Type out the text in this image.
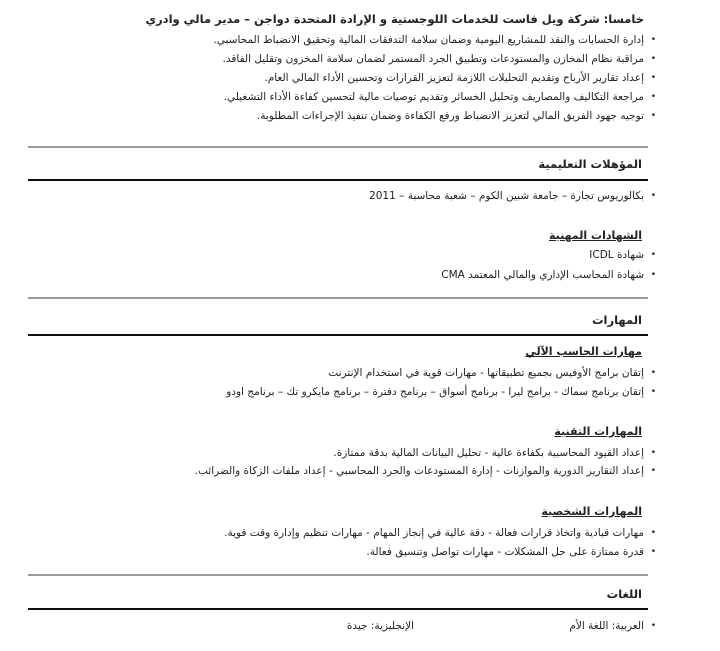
خامسا: شركة ويل فاست للخدمات اللوجستية و الإرادة المتحدة دواجن – مدير مالي وادري
•
إدارة الحسابات والنقد للمشاريع اليومية وضمان سلامة التدفقات المالية وتحقيق الانضباط المحاسبي.
•
مراقبة نظام المخازن والمستودعات وتطبيق الجرد المستمر لضمان سلامة المخزون وتقليل الفاقد.
•
إعداد تقارير الأرباح وتقديم التحليلات اللازمة لتعزيز القرارات وتحسين الأداء المالي العام.
•
مراجعة التكاليف والمصاريف وتحليل الخسائر وتقديم توصيات مالية لتحسين كفاءة الأداء التشغيلي.
•
توجيه جهود الفريق المالي لتعزيز الانضباط ورفع الكفاءة وضمان تنفيذ الإجراءات المطلوبة.
المؤهلات التعليمية
•
بكالوريوس تجارة – جامعة شبين الكوم – شعبة محاسبة – 2011
الشهادات المهنية
•
شهادة ICDL
•
شهادة المحاسب الإداري والمالي المعتمد CMA
المهارات
مهارات الحاسب الآلي
•
إتقان برامج الأوفيس بجميع تطبيقاتها - مهارات قوية في استخدام الإنترنت
•
إتقان برنامج سماك - برامج ليرا - برنامج أسواق – برنامج دفترة – برنامج مايكرو تك – برنامج اودو
المهارات التقنية
•
إعداد القيود المحاسبية بكفاءة عالية - تحليل البيانات المالية بدقة ممتازة.
•
إعداد التقارير الدورية والموازنات - إدارة المستودعات والجرد المحاسبي - إعداد ملفات الزكاة والضرائب.
المهارات الشخصية
•
مهارات قيادية واتخاذ قرارات فعالة - دقة عالية في إنجاز المهام - مهارات تنظيم وإدارة وقت قوية.
•
قدرة ممتازة على حل المشكلات - مهارات تواصل وتنسيق فعالة.
اللغات
•
العربية: اللغة الأم
الإنجليزية: جيدة
